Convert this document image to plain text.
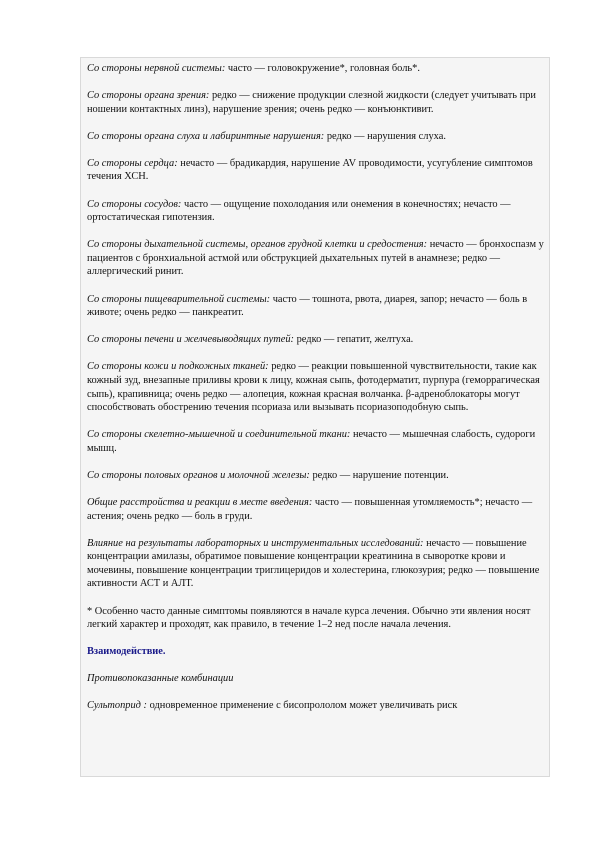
Со стороны нервной системы: часто — головокружение*, головная боль*.

Со стороны органа зрения: редко — снижение продукции слезной жидкости (следует учитывать при ношении контактных линз), нарушение зрения; очень редко — конъюнктивит.

Со стороны органа слуха и лабиринтные нарушения: редко — нарушения слуха.

Со стороны сердца: нечасто — брадикардия, нарушение AV проводимости, усугубление симптомов течения ХСН.

Со стороны сосудов: часто — ощущение похолодания или онемения в конечностях; нечасто — ортостатическая гипотензия.

Со стороны дыхательной системы, органов грудной клетки и средостения: нечасто — бронхоспазм у пациентов с бронхиальной астмой или обструкцией дыхательных путей в анамнезе; редко — аллергический ринит.

Со стороны пищеварительной системы: часто — тошнота, рвота, диарея, запор; нечасто — боль в животе; очень редко — панкреатит.

Со стороны печени и желчевыводящих путей: редко — гепатит, желтуха.

Со стороны кожи и подкожных тканей: редко — реакции повышенной чувствительности, такие как кожный зуд, внезапные приливы крови к лицу, кожная сыпь, фотодерматит, пурпура (геморрагическая сыпь), крапивница; очень редко — алопеция, кожная красная волчанка. β-адреноблокаторы могут способствовать обострению течения псориаза или вызывать псориазоподобную сыпь.

Со стороны скелетно-мышечной и соединительной ткани: нечасто — мышечная слабость, судороги мышц.

Со стороны половых органов и молочной железы: редко — нарушение потенции.

Общие расстройства и реакции в месте введения: часто — повышенная утомляемость*; нечасто — астения; очень редко — боль в груди.

Влияние на результаты лабораторных и инструментальных исследований: нечасто — повышение концентрации амилазы, обратимое повышение концентрации креатинина в сыворотке крови и мочевины, повышение концентрации триглицеридов и холестерина, глюкозурия; редко — повышение активности АСТ и АЛТ.

* Особенно часто данные симптомы появляются в начале курса лечения. Обычно эти явления носят легкий характер и проходят, как правило, в течение 1–2 нед после начала лечения.

Взаимодействие.

Противопоказанные комбинации

Сультоприд : одновременное применение с бисопрололом может увеличивать риск
